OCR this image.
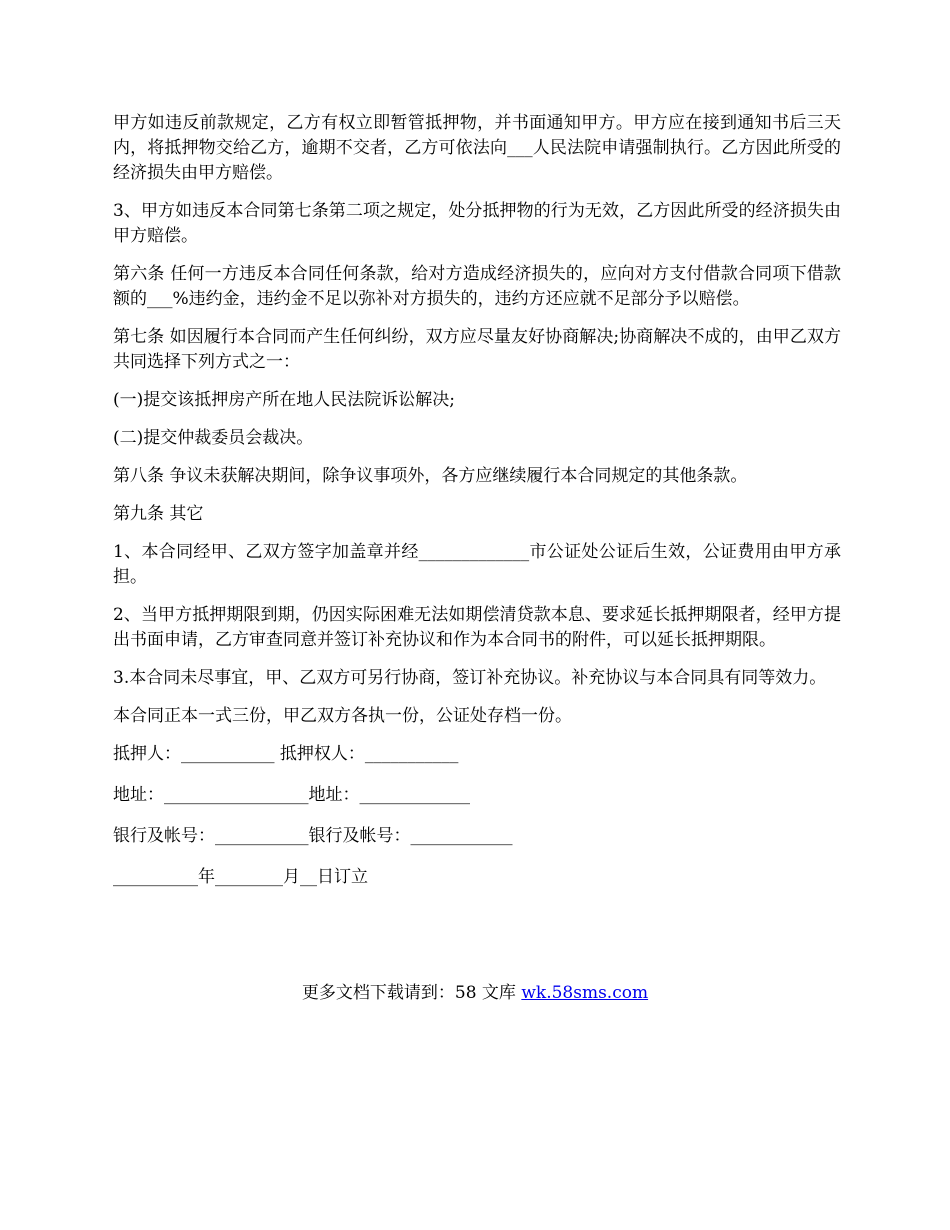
甲方如违反前款规定，乙方有权立即暂管抵押物，并书面通知甲方。甲方应在接到通知书后三天内，将抵押物交给乙方，逾期不交者，乙方可依法向___人民法院申请强制执行。乙方因此所受的经济损失由甲方赔偿。

3、甲方如违反本合同第七条第二项之规定，处分抵押物的行为无效，乙方因此所受的经济损失由甲方赔偿。

第六条 任何一方违反本合同任何条款，给对方造成经济损失的，应向对方支付借款合同项下借款额的___%违约金，违约金不足以弥补对方损失的，违约方还应就不足部分予以赔偿。

第七条 如因履行本合同而产生任何纠纷，双方应尽量友好协商解决;协商解决不成的，由甲乙双方共同选择下列方式之一：

(一)提交该抵押房产所在地人民法院诉讼解决;

(二)提交仲裁委员会裁决。

第八条 争议未获解决期间，除争议事项外，各方应继续履行本合同规定的其他条款。

第九条 其它

1、本合同经甲、乙双方签字加盖章并经_____________市公证处公证后生效，公证费用由甲方承担。

2、当甲方抵押期限到期，仍因实际困难无法如期偿清贷款本息、要求延长抵押期限者，经甲方提出书面申请，乙方审查同意并签订补充协议和作为本合同书的附件，可以延长抵押期限。

3.本合同未尽事宜，甲、乙双方可另行协商，签订补充协议。补充协议与本合同具有同等效力。

本合同正本一式三份，甲乙双方各执一份，公证处存档一份。

抵押人：___________ 抵押权人：___________

地址：_________________地址：_____________

银行及帐号：___________银行及帐号：____________

__________年________月__日订立

更多文档下载请到：58 文库 wk.58sms.com
